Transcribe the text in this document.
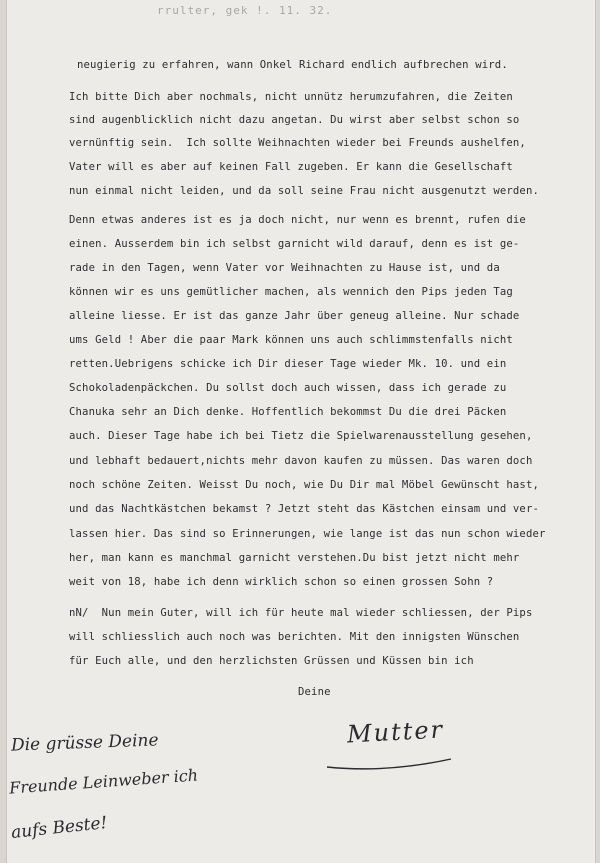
rrulter, gek !. 11. 32.
neugierig zu erfahren, wann Onkel Richard endlich aufbrechen wird.
Ich bitte Dich aber nochmals, nicht unnütz herumzufahren, die Zeiten
sind augenblicklich nicht dazu angetan. Du wirst aber selbst schon so
vernünftig sein.  Ich sollte Weihnachten wieder bei Freunds aushelfen,
Vater will es aber auf keinen Fall zugeben. Er kann die Gesellschaft
nun einmal nicht leiden, und da soll seine Frau nicht ausgenutzt werden.
Denn etwas anderes ist es ja doch nicht, nur wenn es brennt, rufen die
einen. Ausserdem bin ich selbst garnicht wild darauf, denn es ist ge-
rade in den Tagen, wenn Vater vor Weihnachten zu Hause ist, und da
können wir es uns gemütlicher machen, als wennich den Pips jeden Tag
alleine liesse. Er ist das ganze Jahr über geneug alleine. Nur schade
ums Geld ! Aber die paar Mark können uns auch schlimmstenfalls nicht
retten.Uebrigens schicke ich Dir dieser Tage wieder Mk. 10. und ein
Schokoladenpäckchen. Du sollst doch auch wissen, dass ich gerade zu
Chanuka sehr an Dich denke. Hoffentlich bekommst Du die drei Päcken
auch. Dieser Tage habe ich bei Tietz die Spielwarenausstellung gesehen,
und lebhaft bedauert,nichts mehr davon kaufen zu müssen. Das waren doch
noch schöne Zeiten. Weisst Du noch, wie Du Dir mal Möbel Gewünscht hast,
und das Nachtkästchen bekamst ? Jetzt steht das Kästchen einsam und ver-
lassen hier. Das sind so Erinnerungen, wie lange ist das nun schon wieder
her, man kann es manchmal garnicht verstehen.Du bist jetzt nicht mehr
weit von 18, habe ich denn wirklich schon so einen grossen Sohn ?
nN/  Nun mein Guter, will ich für heute mal wieder schliessen, der Pips
will schliesslich auch noch was berichten. Mit den innigsten Wünschen
für Euch alle, und den herzlichsten Grüssen und Küssen bin ich
Deine
Mutter
Die grüsse Deine
Freunde Leinweber ich
aufs Beste!
